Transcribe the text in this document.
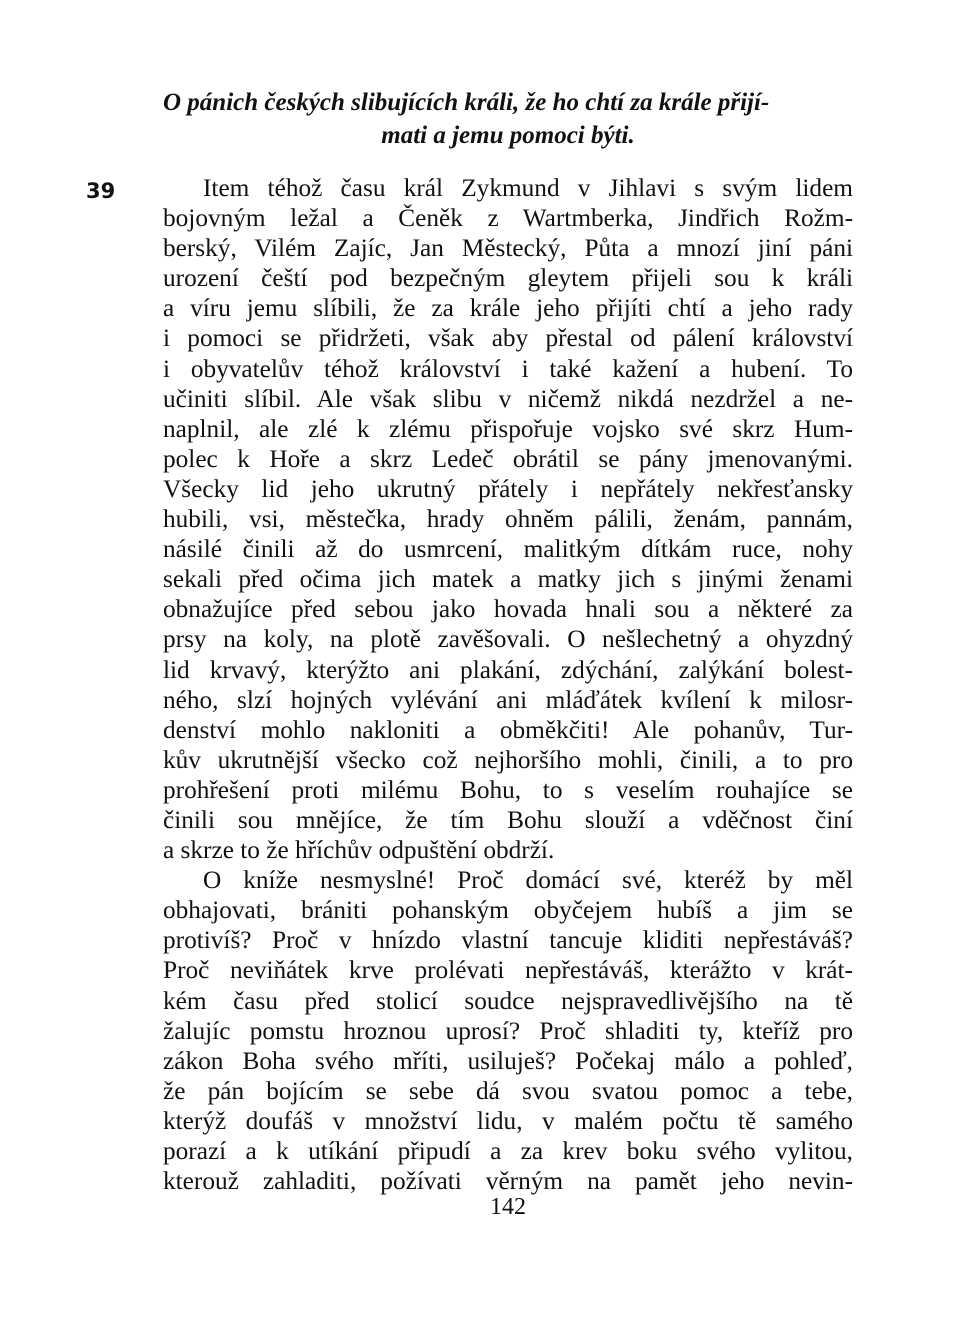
O pánich českých slibujících králi, že ho chtí za krále přijí-
mati a jemu pomoci býti.
39	Item téhož času král Zykmund v Jihlavi s svým lidem
bojovným ležal a Čeněk z Wartmberka, Jindřich Rožm-
berský, Vilém Zajíc, Jan Městecký, Půta a mnozí jiní páni
urození čeští pod bezpečným gleytem přijeli sou k králi
a víru jemu slíbili, že za krále jeho přijíti chtí a jeho rady
i pomoci se přidržeti, však aby přestal od pálení království
i obyvatelův téhož království i také kažení a hubení. To
učiniti slíbil. Ale však slibu v ničemž nikdá nezdržel a ne-
naplnil, ale zlé k zlému přispořuje vojsko své skrz Hum-
polec k Hoře a skrz Ledeč obrátil se pány jmenovanými.
Všecky lid jeho ukrutný přátely i nepřátely nekřesťansky
hubili, vsi, městečka, hrady ohněm pálili, ženám, pannám,
násilé činili až do usmrcení, malitkým dítkám ruce, nohy
sekali před očima jich matek a matky jich s jinými ženami
obnažujíce před sebou jako hovada hnali sou a některé za
prsy na koly, na plotě zavěšovali. O nešlechetný a ohyzdný
lid krvavý, kterýžto ani plakání, zdýchání, zalýkání bolest-
ného, slzí hojných vylévání ani mláďátek kvílení k milosr-
denství mohlo nakloniti a obměkčiti! Ale pohanův, Tur-
kův ukrutnější všecko což nejhoršího mohli, činili, a to pro
prohřešení proti milému Bohu, to s veselím rouhajíce se
činili sou mnějíce, že tím Bohu slouží a vděčnost činí
a skrze to že hříchův odpuštění obdrží.
O kníže nesmyslné! Proč domácí své, kteréž by měl
obhajovati, brániti pohanským obyčejem hubíš a jim se
protivíš? Proč v hnízdo vlastní tancuje kliditi nepřestáváš?
Proč neviňátek krve prolévati nepřestáváš, kterážto v krát-
kém času před stolicí soudce nejspravedlivějšího na tě
žalujíc pomstu hroznou uprosí? Proč shladiti ty, kteříž pro
zákon Boha svého mříti, usiluješ? Počekaj málo a pohleď,
že pán bojícím se sebe dá svou svatou pomoc a tebe,
kterýž doufáš v množství lidu, v malém počtu tě samého
porazí a k utíkání připudí a za krev boku svého vylitou,
kterouž zahladiti, požívati věrným na pamět jeho nevin-
142
